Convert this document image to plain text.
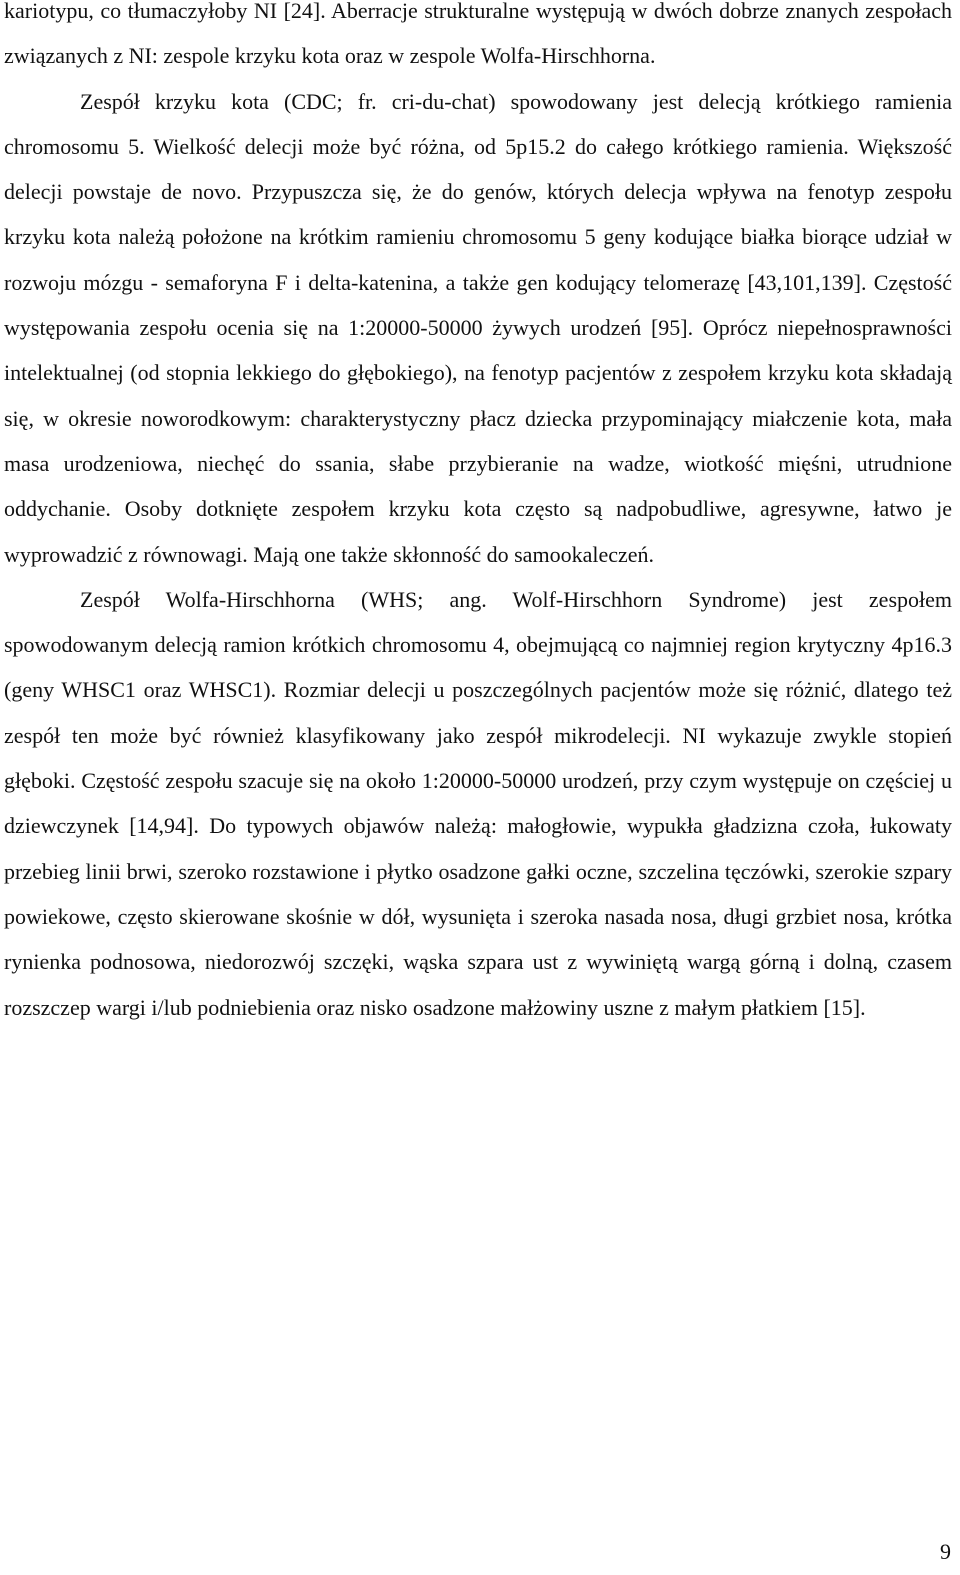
kariotypu, co tłumaczyłoby NI [24]. Aberracje strukturalne występują w dwóch dobrze znanych zespołach związanych z NI: zespole krzyku kota oraz w zespole Wolfa-Hirschhorna.

Zespół krzyku kota (CDC; fr. cri-du-chat) spowodowany jest delecją krótkiego ramienia chromosomu 5. Wielkość delecji może być różna, od 5p15.2 do całego krótkiego ramienia. Większość delecji powstaje de novo. Przypuszcza się, że do genów, których delecja wpływa na fenotyp zespołu krzyku kota należą położone na krótkim ramieniu chromosomu 5 geny kodujące białka biorące udział w rozwoju mózgu - semaforyna F i delta-katenina, a także gen kodujący telomerazę [43,101,139]. Częstość występowania zespołu ocenia się na 1:20000-50000 żywych urodzeń [95]. Oprócz niepełnosprawności intelektualnej (od stopnia lekkiego do głębokiego), na fenotyp pacjentów z zespołem krzyku kota składają się, w okresie noworodkowym: charakterystyczny płacz dziecka przypominający miałczenie kota, mała masa urodzeniowa, niechęć do ssania, słabe przybieranie na wadze, wiotkość mięśni, utrudnione oddychanie. Osoby dotknięte zespołem krzyku kota często są nadpobudliwe, agresywne, łatwo je wyprowadzić z równowagi. Mają one także skłonność do samookaleczeń.

Zespół Wolfa-Hirschhorna (WHS; ang. Wolf-Hirschhorn Syndrome) jest zespołem spowodowanym delecją ramion krótkich chromosomu 4, obejmującą co najmniej region krytyczny 4p16.3 (geny WHSC1 oraz WHSC1). Rozmiar delecji u poszczególnych pacjentów może się różnić, dlatego też zespół ten może być również klasyfikowany jako zespół mikrodelecji. NI wykazuje zwykle stopień głęboki. Częstość zespołu szacuje się na około 1:20000-50000 urodzeń, przy czym występuje on częściej u dziewczynek [14,94]. Do typowych objawów należą: małogłowie, wypukła gładzizna czoła, łukowaty przebieg linii brwi, szeroko rozstawione i płytko osadzone gałki oczne, szczelina tęczówki, szerokie szpary powiekowe, często skierowane skośnie w dół, wysunięta i szeroka nasada nosa, długi grzbiet nosa, krótka rynienka podnosowa, niedorozwój szczęki, wąska szpara ust z wywiniętą wargą górną i dolną, czasem rozszczep wargi i/lub podniebienia oraz nisko osadzone małżowiny uszne z małym płatkiem [15].

9
